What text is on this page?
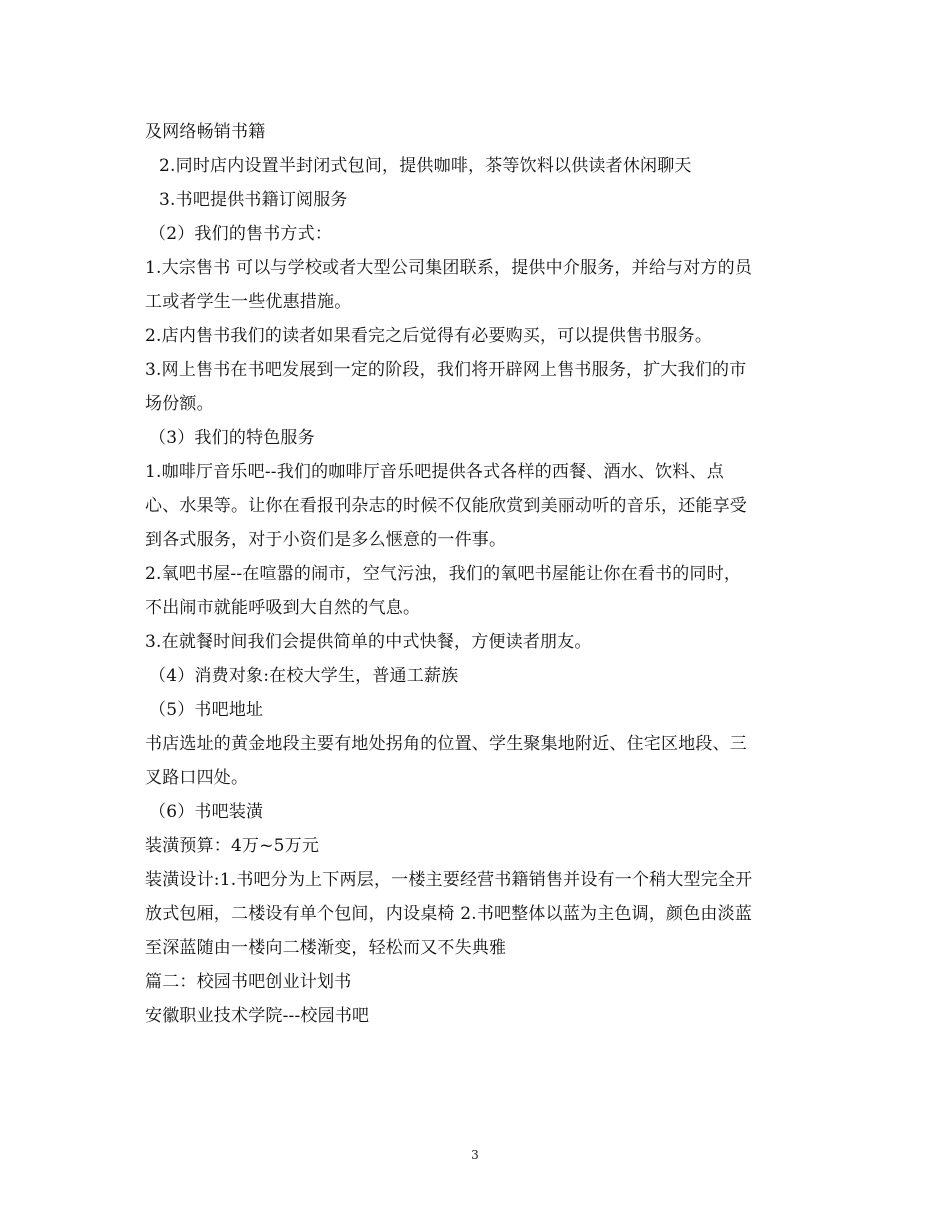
及网络畅销书籍
2.同时店内设置半封闭式包间，提供咖啡，茶等饮料以供读者休闲聊天
3.书吧提供书籍订阅服务
（2）我们的售书方式：
1.大宗售书 可以与学校或者大型公司集团联系，提供中介服务，并给与对方的员
工或者学生一些优惠措施。
2.店内售书我们的读者如果看完之后觉得有必要购买，可以提供售书服务。
3.网上售书在书吧发展到一定的阶段，我们将开辟网上售书服务，扩大我们的市
场份额。
（3）我们的特色服务
1.咖啡厅音乐吧--我们的咖啡厅音乐吧提供各式各样的西餐、酒水、饮料、点
心、水果等。让你在看报刊杂志的时候不仅能欣赏到美丽动听的音乐，还能享受
到各式服务，对于小资们是多么惬意的一件事。
2.氧吧书屋--在喧嚣的闹市，空气污浊，我们的氧吧书屋能让你在看书的同时，
不出闹市就能呼吸到大自然的气息。
3.在就餐时间我们会提供简单的中式快餐，方便读者朋友。
（4）消费对象:在校大学生，普通工薪族
（5）书吧地址
书店选址的黄金地段主要有地处拐角的位置、学生聚集地附近、住宅区地段、三
叉路口四处。
（6）书吧装潢
装潢预算：4万~5万元
装潢设计:1.书吧分为上下两层，一楼主要经营书籍销售并设有一个稍大型完全开
放式包厢，二楼设有单个包间，内设桌椅 2.书吧整体以蓝为主色调，颜色由淡蓝
至深蓝随由一楼向二楼渐变，轻松而又不失典雅
篇二：校园书吧创业计划书
安徽职业技术学院---校园书吧
3
